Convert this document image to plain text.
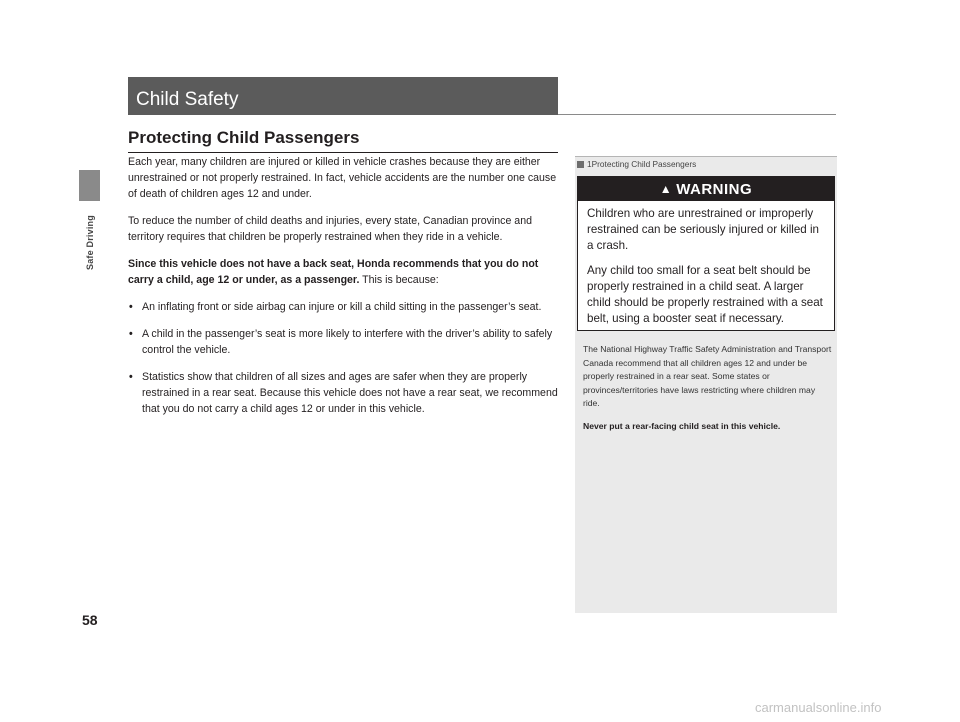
Safe Driving
Child Safety
Protecting Child Passengers

Each year, many children are injured or killed in vehicle crashes because they are either unrestrained or not properly restrained. In fact, vehicle accidents are the number one cause of death of children ages 12 and under.

To reduce the number of child deaths and injuries, every state, Canadian province and territory requires that children be properly restrained when they ride in a vehicle.

Since this vehicle does not have a back seat, Honda recommends that you do not carry a child, age 12 or under, as a passenger. This is because:

• An inflating front or side airbag can injure or kill a child sitting in the passenger’s seat.
• A child in the passenger’s seat is more likely to interfere with the driver’s ability to safely control the vehicle.
• Statistics show that children of all sizes and ages are safer when they are properly restrained in a rear seat. Because this vehicle does not have a rear seat, we recommend that you do not carry a child ages 12 or under in this vehicle.
1 Protecting Child Passengers
▲ WARNING

Children who are unrestrained or improperly restrained can be seriously injured or killed in a crash.

Any child too small for a seat belt should be properly restrained in a child seat. A larger child should be properly restrained with a seat belt, using a booster seat if necessary.

The National Highway Traffic Safety Administration and Transport Canada recommend that all children ages 12 and under be properly restrained in a rear seat. Some states or provinces/territories have laws restricting where children may ride.

Never put a rear-facing child seat in this vehicle.

58
carmanualsonline.info
